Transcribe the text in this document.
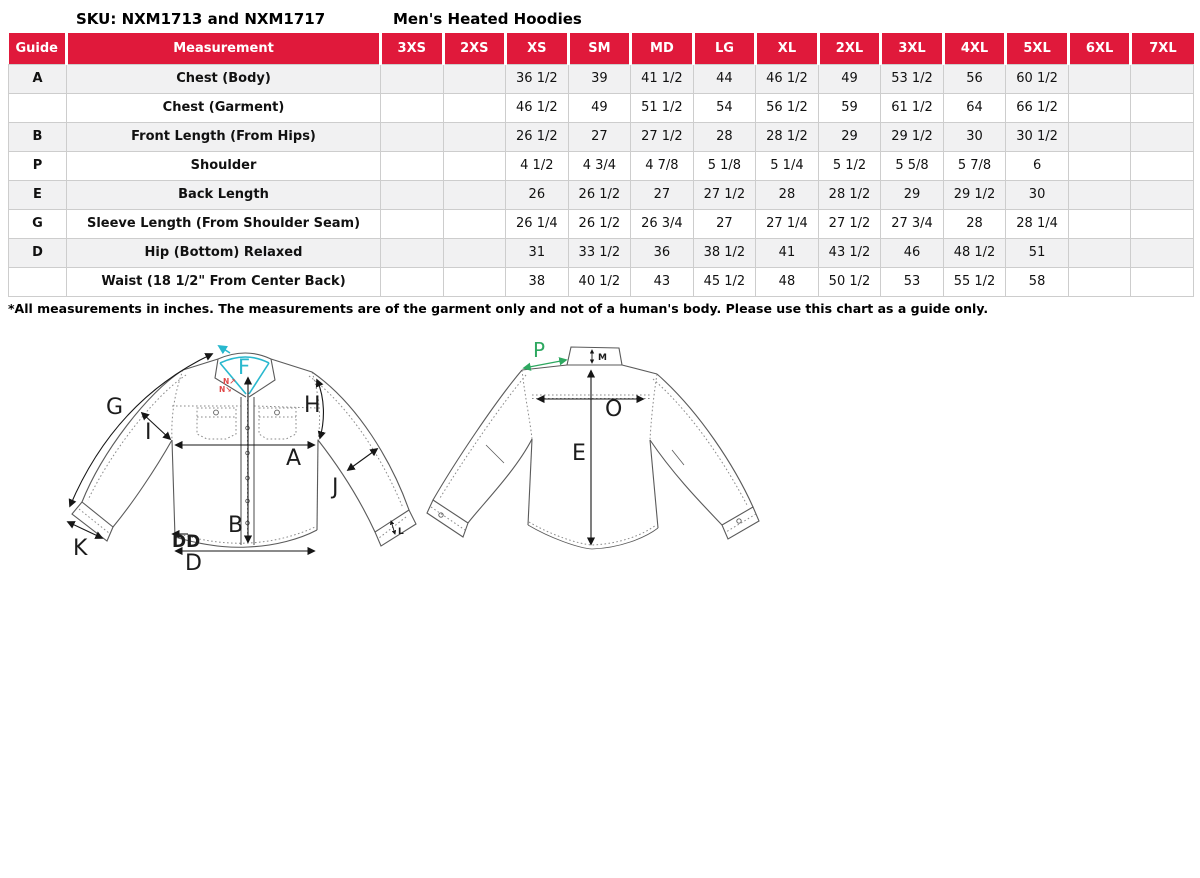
SKU: NXM1713 and NXM1717	Men's Heated Hoodies
Guide	Measurement	3XS	2XS	XS	SM	MD	LG	XL	2XL	3XL	4XL	5XL	6XL	7XL
A	Chest (Body)			36 1/2	39	41 1/2	44	46 1/2	49	53 1/2	56	60 1/2		
	Chest (Garment)			46 1/2	49	51 1/2	54	56 1/2	59	61 1/2	64	66 1/2		
B	Front Length (From Hips)			26 1/2	27	27 1/2	28	28 1/2	29	29 1/2	30	30 1/2		
P	Shoulder			4 1/2	4 3/4	4 7/8	5 1/8	5 1/4	5 1/2	5 5/8	5 7/8	6		
E	Back Length			26	26 1/2	27	27 1/2	28	28 1/2	29	29 1/2	30		
G	Sleeve Length (From Shoulder Seam)			26 1/4	26 1/2	26 3/4	27	27 1/4	27 1/2	27 3/4	28	28 1/4		
D	Hip (Bottom) Relaxed			31	33 1/2	36	38 1/2	41	43 1/2	46	48 1/2	51		
	Waist (18 1/2" From Center Back)			38	40 1/2	43	45 1/2	48	50 1/2	53	55 1/2	58		
*All measurements in inches. The measurements are of the garment only and not of a human's body. Please use this chart as a guide only.
G
I
F
N↗
N↘
H
A
J
B
K	DD
D
L
P	M
O
E
